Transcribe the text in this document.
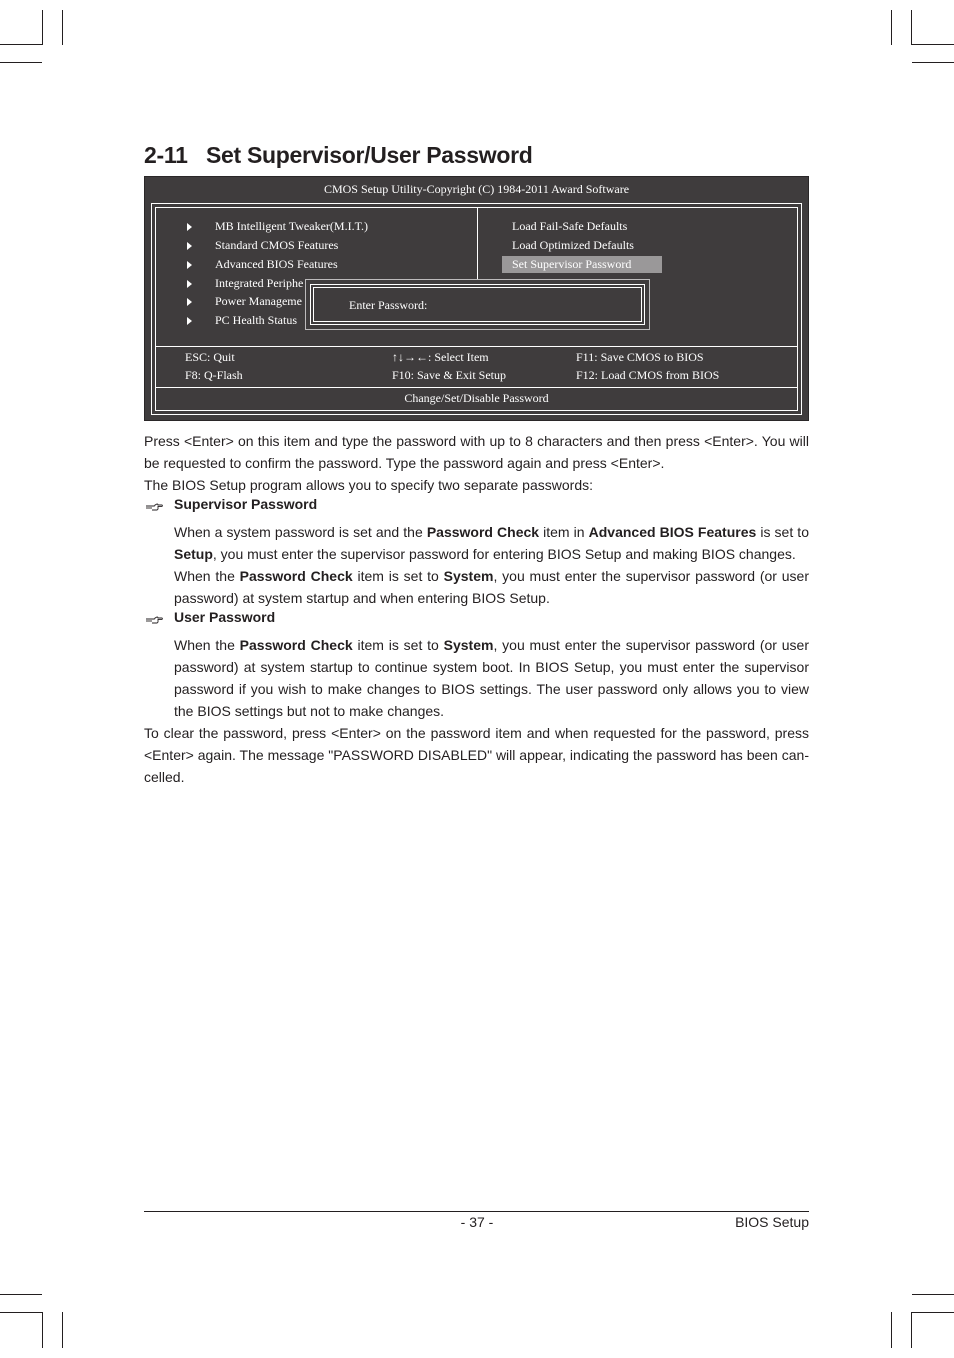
2-11 Set Supervisor/User Password
CMOS Setup Utility-Copyright (C) 1984-2011 Award Software
MB Intelligent Tweaker(M.I.T.)
Standard CMOS Features
Advanced BIOS Features
Integrated Periphe
Power Manageme
PC Health Status
Load Fail-Safe Defaults
Load Optimized Defaults
Set Supervisor Password
Enter Password:
ESC: Quit
F8: Q-Flash
↑↓→←: Select Item
F10: Save & Exit Setup
F11: Save CMOS to BIOS
F12: Load CMOS from BIOS
Change/Set/Disable Password

Press <Enter> on this item and type the password with up to 8 characters and then press <Enter>. You will be requested to confirm the password. Type the password again and press <Enter>.

The BIOS Setup program allows you to specify two separate passwords:

Supervisor Password

When a system password is set and the Password Check item in Advanced BIOS Features is set to Setup, you must enter the supervisor password for entering BIOS Setup and making BIOS changes.

When the Password Check item is set to System, you must enter the supervisor password (or user password) at system startup and when entering BIOS Setup.

User Password

When the Password Check item is set to System, you must enter the supervisor password (or user password) at system startup to continue system boot. In BIOS Setup, you must enter the supervisor password if you wish to make changes to BIOS settings. The user password only allows you to view the BIOS settings but not to make changes.

To clear the password, press <Enter> on the password item and when requested for the password, press <Enter> again. The message "PASSWORD DISABLED" will appear, indicating the password has been can-celled.

- 37 -	BIOS Setup
